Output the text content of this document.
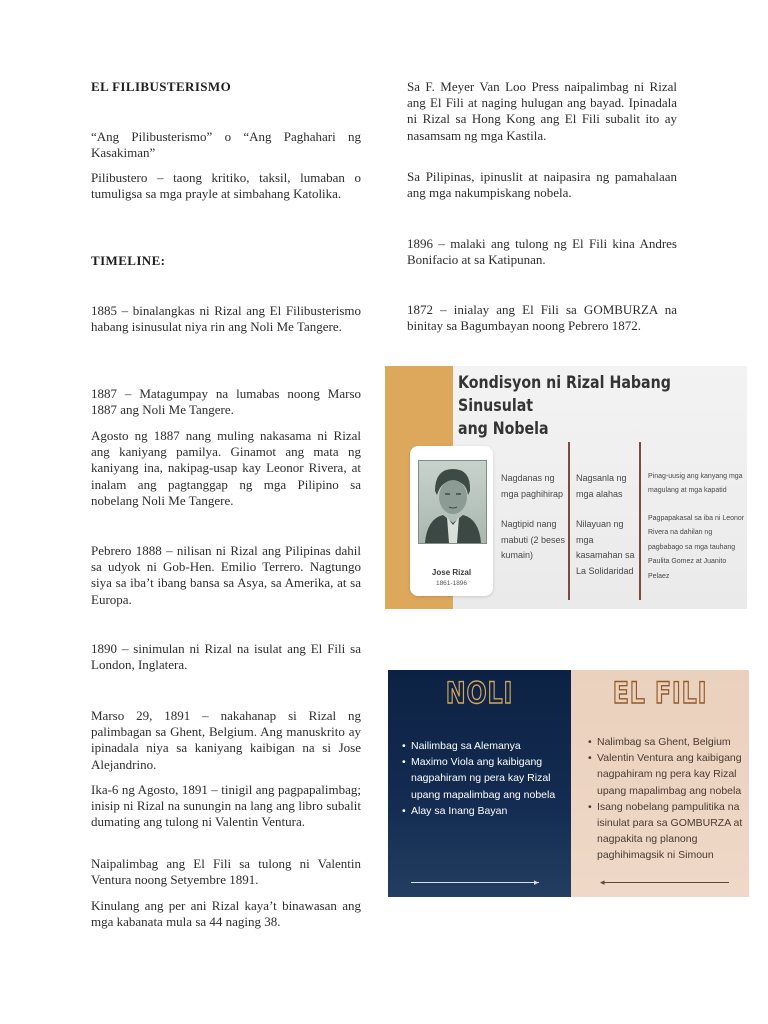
EL FILIBUSTERISMO

“Ang Pilibusterismo” o “Ang Paghahari ng Kasakiman”

Pilibustero – taong kritiko, taksil, lumaban o tumuligsa sa mga prayle at simbahang Katolika.

TIMELINE:

1885 – binalangkas ni Rizal ang El Filibusterismo habang isinusulat niya rin ang Noli Me Tangere.

1887 – Matagumpay na lumabas noong Marso 1887 ang Noli Me Tangere.

Agosto ng 1887 nang muling nakasama ni Rizal ang kaniyang pamilya. Ginamot ang mata ng kaniyang ina, nakipag-usap kay Leonor Rivera, at inalam ang pagtanggap ng mga Pilipino sa nobelang Noli Me Tangere.

Pebrero 1888 – nilisan ni Rizal ang Pilipinas dahil sa udyok ni Gob-Hen. Emilio Terrero. Nagtungo siya sa iba’t ibang bansa sa Asya, sa Amerika, at sa Europa.

1890 – sinimulan ni Rizal na isulat ang El Fili sa London, Inglatera.

Marso 29, 1891 – nakahanap si Rizal ng palimbagan sa Ghent, Belgium. Ang manuskrito ay ipinadala niya sa kaniyang kaibigan na si Jose Alejandrino.

Ika-6 ng Agosto, 1891 – tinigil ang pagpapalimbag; inisip ni Rizal na sunungin na lang ang libro subalit dumating ang tulong ni Valentin Ventura.

Naipalimbag ang El Fili sa tulong ni Valentin Ventura noong Setyembre 1891.

Kinulang ang per ani Rizal kaya’t binawasan ang mga kabanata mula sa 44 naging 38.

Sa F. Meyer Van Loo Press naipalimbag ni Rizal ang El Fili at naging hulugan ang bayad. Ipinadala ni Rizal sa Hong Kong ang El Fili subalit ito ay nasamsam ng mga Kastila.

Sa Pilipinas, ipinuslit at naipasira ng pamahalaan ang mga nakumpiskang nobela.

1896 – malaki ang tulong ng El Fili kina Andres Bonifacio at sa Katipunan.

1872 – inialay ang El Fili sa GOMBURZA na binitay sa Bagumbayan noong Pebrero 1872.

Kondisyon ni Rizal Habang Sinusulat
ang Nobela

Jose Rizal
1861-1896

Nagdanas ng mga paghihirap

Nagtipid nang mabuti (2 beses kumain)

Nagsanla ng mga alahas

Nilayuan ng mga kasamahan sa La Solidaridad

Pinag-uusig ang kanyang mga magulang at mga kapatid

Pagpapakasal sa iba ni Leonor Rivera na dahilan ng pagbabago sa mga tauhang Paulita Gomez at Juanito Pelaez

NOLI	EL FILI

• Nailimbag sa Alemanya
• Maximo Viola ang kaibigang nagpahiram ng pera kay Rizal upang mapalimbag ang nobela
• Alay sa Inang Bayan
• Nalimbag sa Ghent, Belgium
• Valentin Ventura ang kaibigang nagpahiram ng pera kay Rizal upang mapalimbag ang nobela
• Isang nobelang pampulitika na isinulat para sa GOMBURZA at nagpakita ng planong paghihimagsik ni Simoun
▸	◂
